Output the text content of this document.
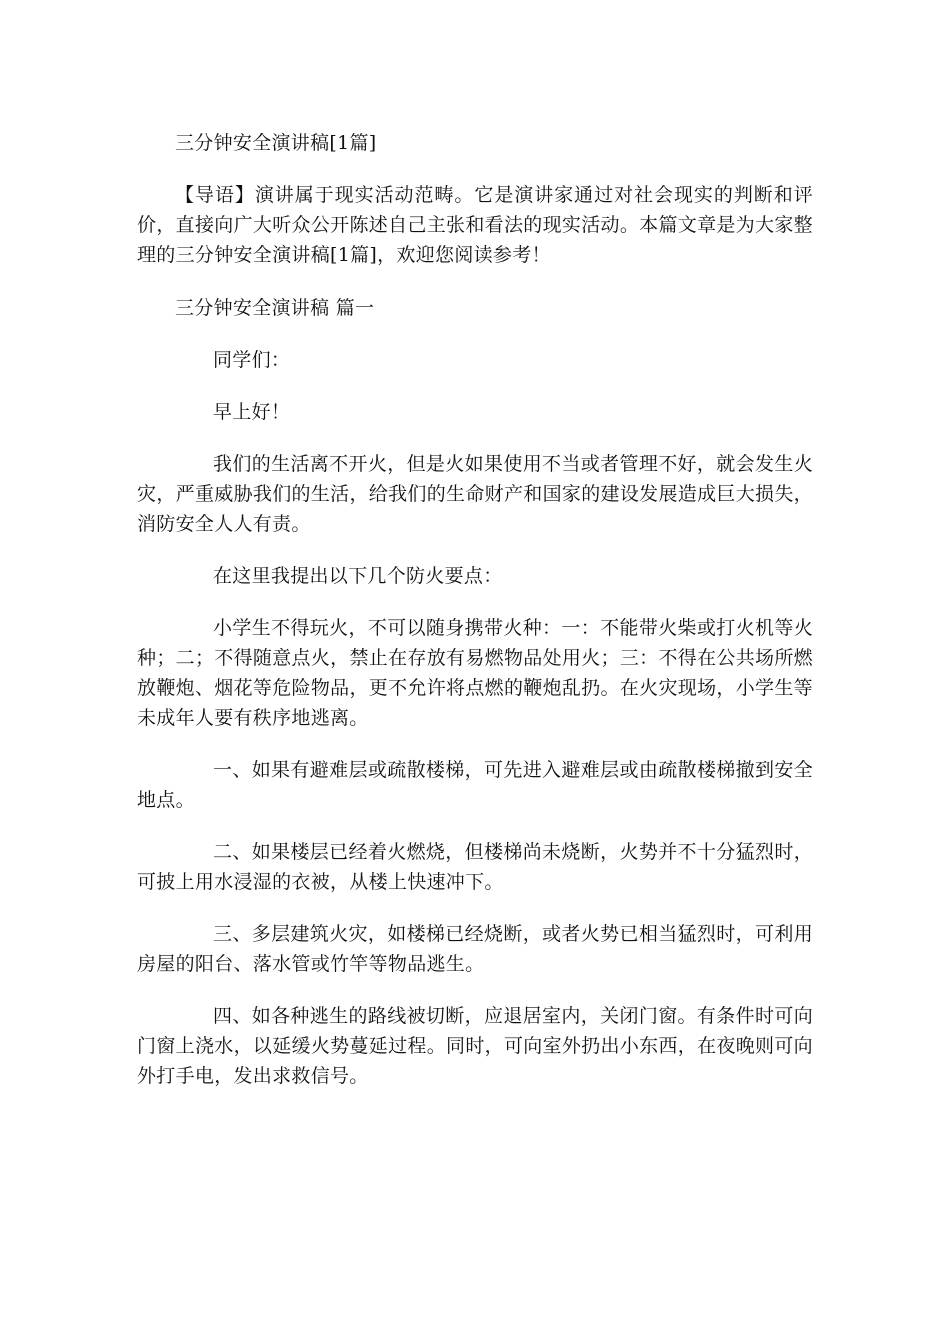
三分钟安全演讲稿[1篇]

【导语】演讲属于现实活动范畴。它是演讲家通过对社会现实的判断和评价，直接向广大听众公开陈述自己主张和看法的现实活动。本篇文章是为大家整理的三分钟安全演讲稿[1篇]，欢迎您阅读参考！

三分钟安全演讲稿 篇一

同学们：

早上好！

我们的生活离不开火，但是火如果使用不当或者管理不好，就会发生火灾，严重威胁我们的生活，给我们的生命财产和国家的建设发展造成巨大损失，消防安全人人有责。

在这里我提出以下几个防火要点：

小学生不得玩火，不可以随身携带火种：一：不能带火柴或打火机等火种；二；不得随意点火，禁止在存放有易燃物品处用火；三：不得在公共场所燃放鞭炮、烟花等危险物品，更不允许将点燃的鞭炮乱扔。在火灾现场，小学生等未成年人要有秩序地逃离。

一、如果有避难层或疏散楼梯，可先进入避难层或由疏散楼梯撤到安全地点。

二、如果楼层已经着火燃烧，但楼梯尚未烧断，火势并不十分猛烈时，可披上用水浸湿的衣被，从楼上快速冲下。

三、多层建筑火灾，如楼梯已经烧断，或者火势已相当猛烈时，可利用房屋的阳台、落水管或竹竿等物品逃生。

四、如各种逃生的路线被切断，应退居室内，关闭门窗。有条件时可向门窗上浇水，以延缓火势蔓延过程。同时，可向室外扔出小东西，在夜晚则可向外打手电，发出求救信号。
